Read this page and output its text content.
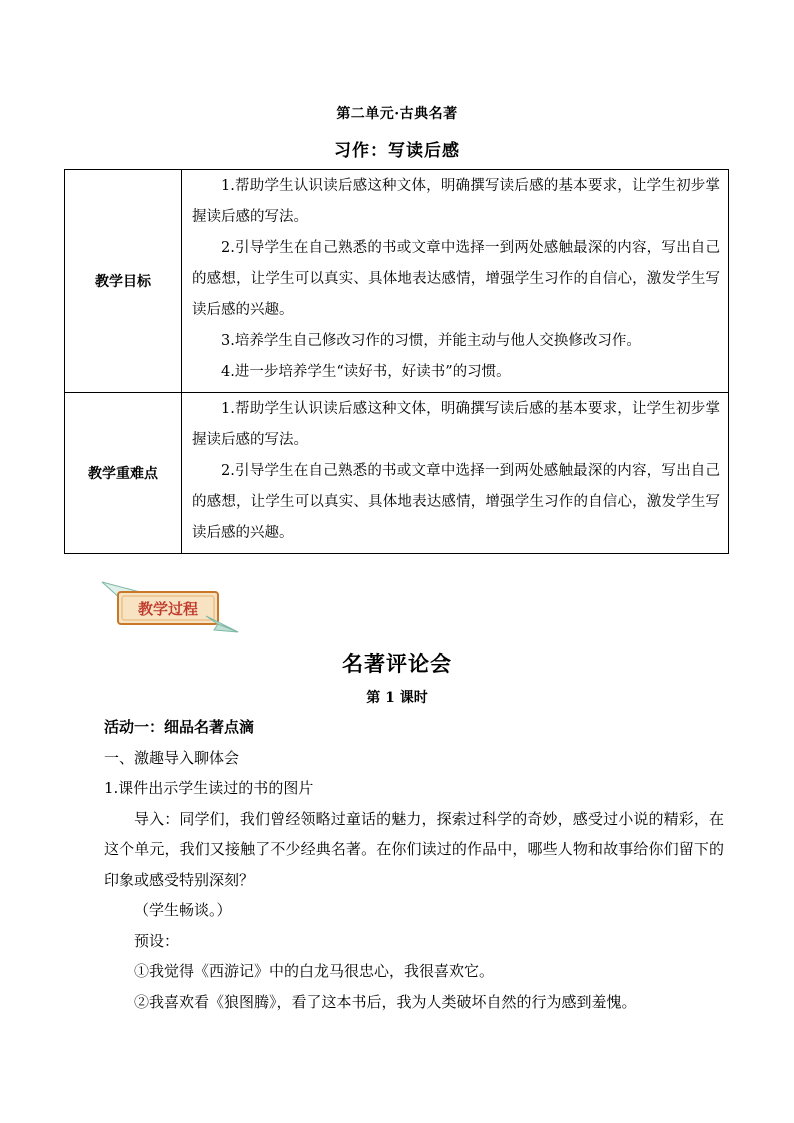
第二单元·古典名著
习作：写读后感
教学目标	1.帮助学生认识读后感这种文体，明确撰写读后感的基本要求，让学生初步掌握读后感的写法。

2.引导学生在自己熟悉的书或文章中选择一到两处感触最深的内容，写出自己的感想，让学生可以真实、具体地表达感情，增强学生习作的自信心，激发学生写读后感的兴趣。

3.培养学生自己修改习作的习惯，并能主动与他人交换修改习作。

4.进一步培养学生“读好书，好读书”的习惯。

教学重难点	1.帮助学生认识读后感这种文体，明确撰写读后感的基本要求，让学生初步掌握读后感的写法。

2.引导学生在自己熟悉的书或文章中选择一到两处感触最深的内容，写出自己的感想，让学生可以真实、具体地表达感情，增强学生习作的自信心，激发学生写读后感的兴趣。

教学过程
名著评论会
第 1 课时

活动一：细品名著点滴

一、激趣导入聊体会

1.课件出示学生读过的书的图片

导入：同学们，我们曾经领略过童话的魅力，探索过科学的奇妙，感受过小说的精彩，在这个单元，我们又接触了不少经典名著。在你们读过的作品中，哪些人物和故事给你们留下的印象或感受特别深刻？

（学生畅谈。）

预设：

①我觉得《西游记》中的白龙马很忠心，我很喜欢它。

②我喜欢看《狼图腾》，看了这本书后，我为人类破坏自然的行为感到羞愧。
